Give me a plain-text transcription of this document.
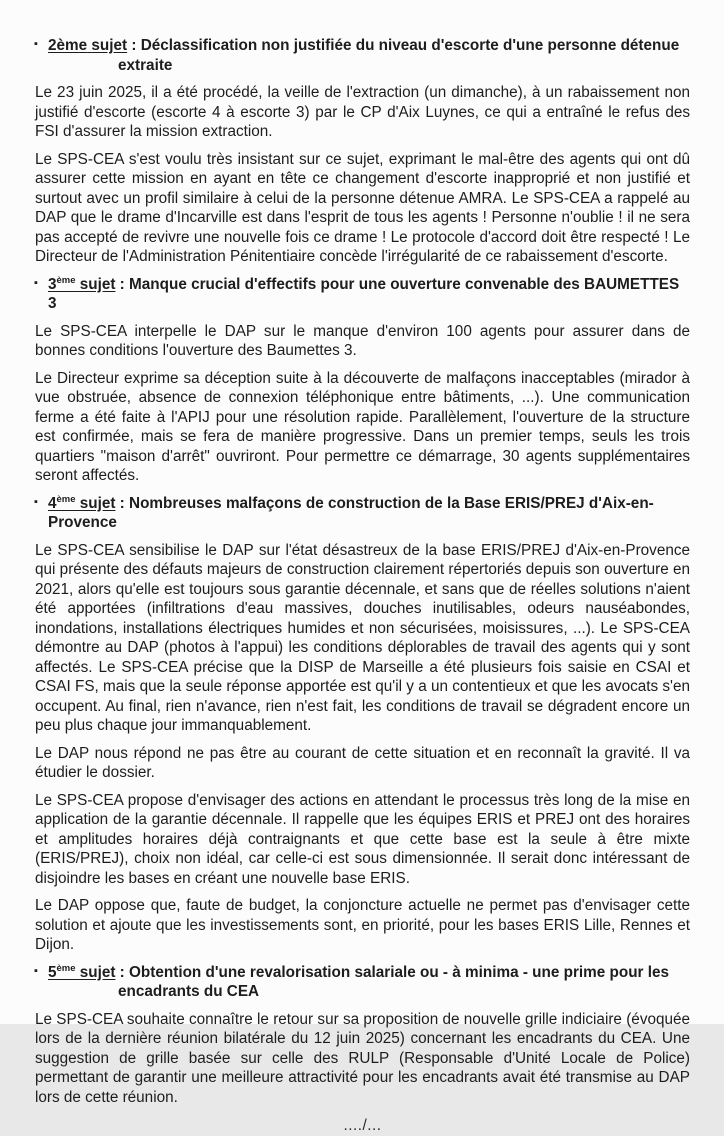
▪ 2ème sujet : Déclassification non justifiée du niveau d'escorte d'une personne détenue
extraite

Le 23 juin 2025, il a été procédé, la veille de l'extraction (un dimanche), à un rabaissement non justifié d'escorte (escorte 4 à escorte 3) par le CP d'Aix Luynes, ce qui a entraîné le refus des FSI d'assurer la mission extraction.

Le SPS-CEA s'est voulu très insistant sur ce sujet, exprimant le mal-être des agents qui ont dû assurer cette mission en ayant en tête ce changement d'escorte inapproprié et non justifié et surtout avec un profil similaire à celui de la personne détenue AMRA. Le SPS-CEA a rappelé au DAP que le drame d'Incarville est dans l'esprit de tous les agents ! Personne n'oublie ! il ne sera pas accepté de revivre une nouvelle fois ce drame ! Le protocole d'accord doit être respecté ! Le Directeur de l'Administration Pénitentiaire concède l'irrégularité de ce rabaissement d'escorte.

▪ 3ème sujet : Manque crucial d'effectifs pour une ouverture convenable des BAUMETTES 3

Le SPS-CEA interpelle le DAP sur le manque d'environ 100 agents pour assurer dans de bonnes conditions l'ouverture des Baumettes 3.

Le Directeur exprime sa déception suite à la découverte de malfaçons inacceptables (mirador à vue obstruée, absence de connexion téléphonique entre bâtiments, ...). Une communication ferme a été faite à l'APIJ pour une résolution rapide. Parallèlement, l'ouverture de la structure est confirmée, mais se fera de manière progressive. Dans un premier temps, seuls les trois quartiers "maison d'arrêt" ouvriront. Pour permettre ce démarrage, 30 agents supplémentaires seront affectés.

▪ 4ème sujet : Nombreuses malfaçons de construction de la Base ERIS/PREJ d'Aix-en-Provence

Le SPS-CEA sensibilise le DAP sur l'état désastreux de la base ERIS/PREJ d'Aix-en-Provence qui présente des défauts majeurs de construction clairement répertoriés depuis son ouverture en 2021, alors qu'elle est toujours sous garantie décennale, et sans que de réelles solutions n'aient été apportées (infiltrations d'eau massives, douches inutilisables, odeurs nauséabondes, inondations, installations électriques humides et non sécurisées, moisissures, ...). Le SPS-CEA démontre au DAP (photos à l'appui) les conditions déplorables de travail des agents qui y sont affectés. Le SPS-CEA précise que la DISP de Marseille a été plusieurs fois saisie en CSAI et CSAI FS, mais que la seule réponse apportée est qu'il y a un contentieux et que les avocats s'en occupent. Au final, rien n'avance, rien n'est fait, les conditions de travail se dégradent encore un peu plus chaque jour immanquablement.

Le DAP nous répond ne pas être au courant de cette situation et en reconnaît la gravité. Il va étudier le dossier.

Le SPS-CEA propose d'envisager des actions en attendant le processus très long de la mise en application de la garantie décennale. Il rappelle que les équipes ERIS et PREJ ont des horaires et amplitudes horaires déjà contraignants et que cette base est la seule à être mixte (ERIS/PREJ), choix non idéal, car celle-ci est sous dimensionnée. Il serait donc intéressant de disjoindre les bases en créant une nouvelle base ERIS.

Le DAP oppose que, faute de budget, la conjoncture actuelle ne permet pas d'envisager cette solution et ajoute que les investissements sont, en priorité, pour les bases ERIS Lille, Rennes et Dijon.

▪ 5ème sujet : Obtention d'une revalorisation salariale ou - à minima - une prime pour les
encadrants du CEA

Le SPS-CEA souhaite connaître le retour sur sa proposition de nouvelle grille indiciaire (évoquée lors de la dernière réunion bilatérale du 12 juin 2025) concernant les encadrants du CEA. Une suggestion de grille basée sur celle des RULP (Responsable d'Unité Locale de Police) permettant de garantir une meilleure attractivité pour les encadrants avait été transmise au DAP lors de cette réunion.

..../...
